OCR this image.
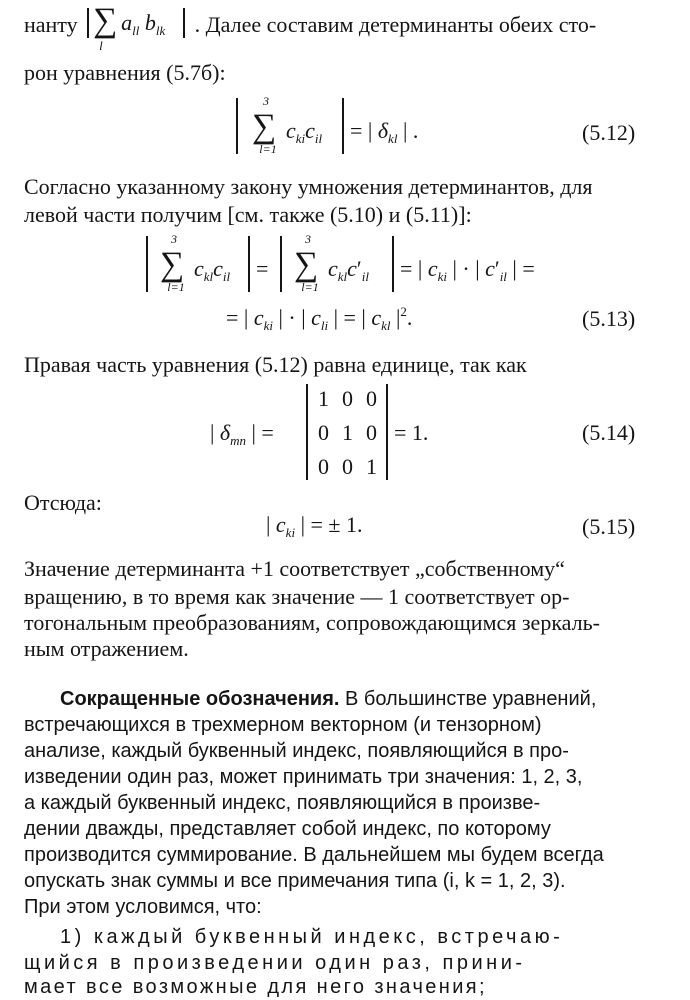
нанту ∑
l
$a_{ll}$ $b_{lk}$ . Далее составим детерминанты обеих сто-
рон уравнения (5.7б):
3
∑
l=1
$c_{ki}c_{il}$ = | $\delta_{kl}$ | .	(5.12)
Согласно указанному закону умножения детерминантов, для
левой части получим [см. также (5.10) и (5.11)]:
3
∑
l=1
$c_{kl}c_{il}$ =
3
∑
l=1
$c_{kl}c'_{il}$ = | $c_{ki}$ | · | $c'_{il}$ | =
= | $c_{ki}$ | · | $c_{li}$ | = | $c_{kl}$ $|^2$.	(5.13)
Правая часть уравнения (5.12) равна единице, так как
| $\delta_{mn}$ | =
1 0 0
0 1 0
0 0 1
= 1.	(5.14)
Отсюда:
| $c_{ki}$ | = ± 1.	(5.15)
Значение детерминанта +1 соответствует „собственному“
вращению, в то время как значение — 1 соответствует ор-
тогональным преобразованиям, сопровождающимся зеркаль-
ным отражением.
Сокращенные обозначения. В большинстве уравнений,
встречающихся в трехмерном векторном (и тензорном)
анализе, каждый буквенный индекс, появляющийся в про-
изведении один раз, может принимать три значения: 1, 2, 3,
а каждый буквенный индекс, появляющийся в произве-
дении дважды, представляет собой индекс, по которому
производится суммирование. В дальнейшем мы будем всегда
опускать знак суммы и все примечания типа (i, k = 1, 2, 3).
При этом условимся, что:
1) каждый буквенный индекс, встречаю-
щийся в произведении один раз, прини-
мает все возможные для него значения;
